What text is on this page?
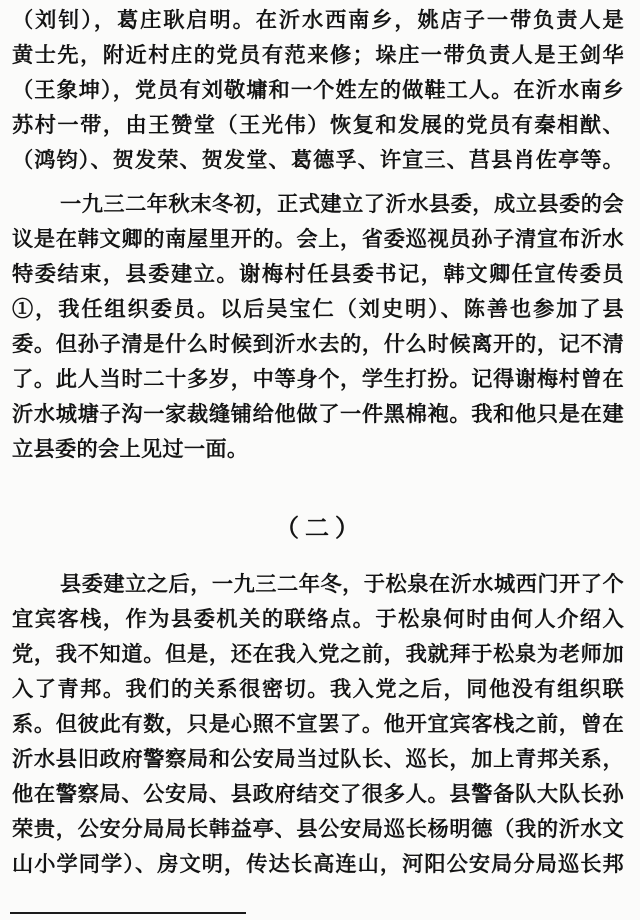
（刘钊），葛庄耿启明。在沂水西南乡，姚店子一带负责人是
黄士先，附近村庄的党员有范来修；垛庄一带负责人是王剑华
（王象坤），党员有刘敬墉和一个姓左的做鞋工人。在沂水南乡
苏村一带，由王赞堂（王光伟）恢复和发展的党员有秦相猷、
（鸿钧）、贺发荣、贺发堂、葛德孚、许宣三、莒县肖佐亭等。
一九三二年秋末冬初，正式建立了沂水县委，成立县委的会
议是在韩文卿的南屋里开的。会上，省委巡视员孙子清宣布沂水
特委结束，县委建立。谢梅村任县委书记，韩文卿任宣传委员
①，我任组织委员。以后吴宝仁（刘史明）、陈善也参加了县
委。但孙子清是什么时候到沂水去的，什么时候离开的，记不清
了。此人当时二十多岁，中等身个，学生打扮。记得谢梅村曾在
沂水城塘子沟一家裁缝铺给他做了一件黑棉袍。我和他只是在建
立县委的会上见过一面。
（二）
县委建立之后，一九三二年冬，于松泉在沂水城西门开了个
宜宾客栈，作为县委机关的联络点。于松泉何时由何人介绍入
党，我不知道。但是，还在我入党之前，我就拜于松泉为老师加
入了青邦。我们的关系很密切。我入党之后，同他没有组织联
系。但彼此有数，只是心照不宣罢了。他开宜宾客栈之前，曾在
沂水县旧政府警察局和公安局当过队长、巡长，加上青邦关系，
他在警察局、公安局、县政府结交了很多人。县警备队大队长孙
荣贵，公安分局局长韩益亭、县公安局巡长杨明德（我的沂水文
山小学同学）、房文明，传达长高连山，河阳公安局分局巡长邦
